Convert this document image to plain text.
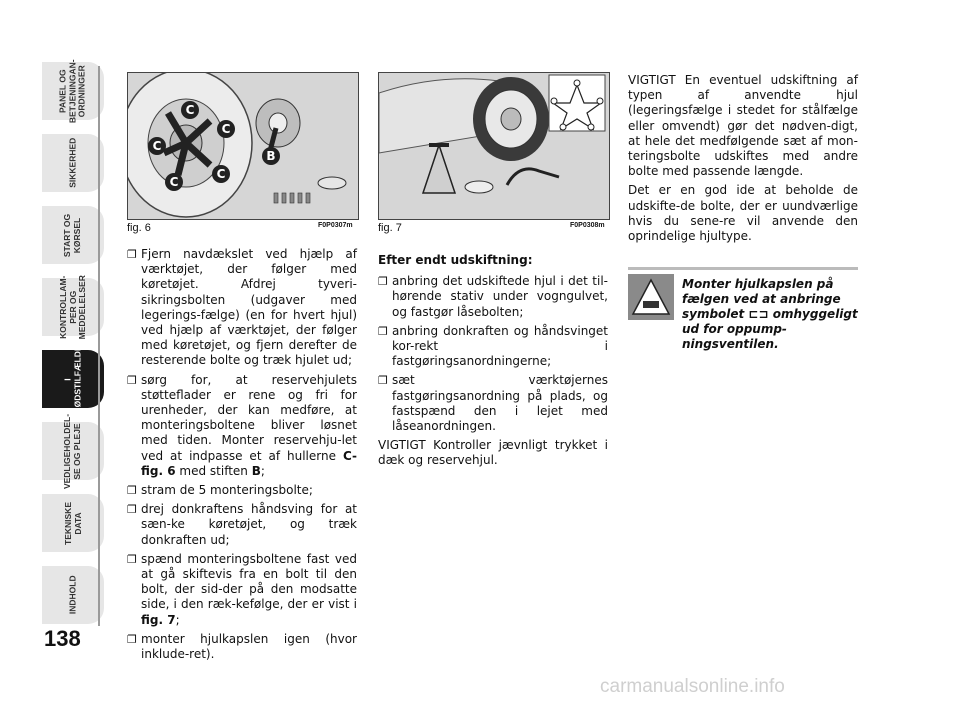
PANEL OG
BETJENINGAN-
ORDNINGER
SIKKERHED
START OG
KØRSEL
KONTROLLAM-
PER OG
MEDDELELSER
I
NØDSTILFÆLDE
VEDLIGEHOLDEL-
SE OG PLEJE
TEKNISKE
DATA
INDHOLD
138
C
C
C
C
C
B
fig. 6	F0P0307m fig. 7	F0P0308m
❐ Fjern navdækslet ved hjælp af værktøjet, der følger med køretøjet. Afdrej tyveri-sikringsbolten (udgaver med legerings-fælge) (en for hvert hjul) ved hjælp af værktøjet, der følger med køretøjet, og fjern derefter de resterende bolte og træk hjulet ud;
❐ sørg for, at reservehjulets støtteflader er rene og fri for urenheder, der kan medføre, at monteringsboltene bliver løsnet med tiden. Monter reservehju-let ved at indpasse et af hullerne C-fig. 6 med stiften B;
❐ stram de 5 monteringsbolte;
❐ drej donkraftens håndsving for at sæn-ke køretøjet, og træk donkraften ud;
❐ spænd monteringsboltene fast ved at gå skiftevis fra en bolt til den bolt, der sid-der på den modsatte side, i den ræk-kefølge, der er vist i fig. 7;
❐ monter hjulkapslen igen (hvor inklude-ret).
Efter endt udskiftning:
❐ anbring det udskiftede hjul i det til-hørende stativ under vogngulvet, og fastgør låsebolten;
❐ anbring donkraften og håndsvinget kor-rekt i fastgøringsanordningerne;
❐ sæt værktøjernes fastgøringsanordning på plads, og fastspænd den i lejet med låseanordningen.

VIGTIGT Kontroller jævnligt trykket i dæk og reservehjul.

VIGTIGT En eventuel udskiftning af typen af anvendte hjul (legeringsfælge i stedet for stålfælge eller omvendt) gør det nødven-digt, at hele det medfølgende sæt af mon-teringsbolte udskiftes med andre bolte med passende længde.

Det er en god ide at beholde de udskifte-de bolte, der er uundværlige hvis du sene-re vil anvende den oprindelige hjultype.

Monter hjulkapslen på fælgen ved at anbringe symbolet ⊏⊐ omhyggeligt ud for oppump-ningsventilen.
carmanualsonline.info
